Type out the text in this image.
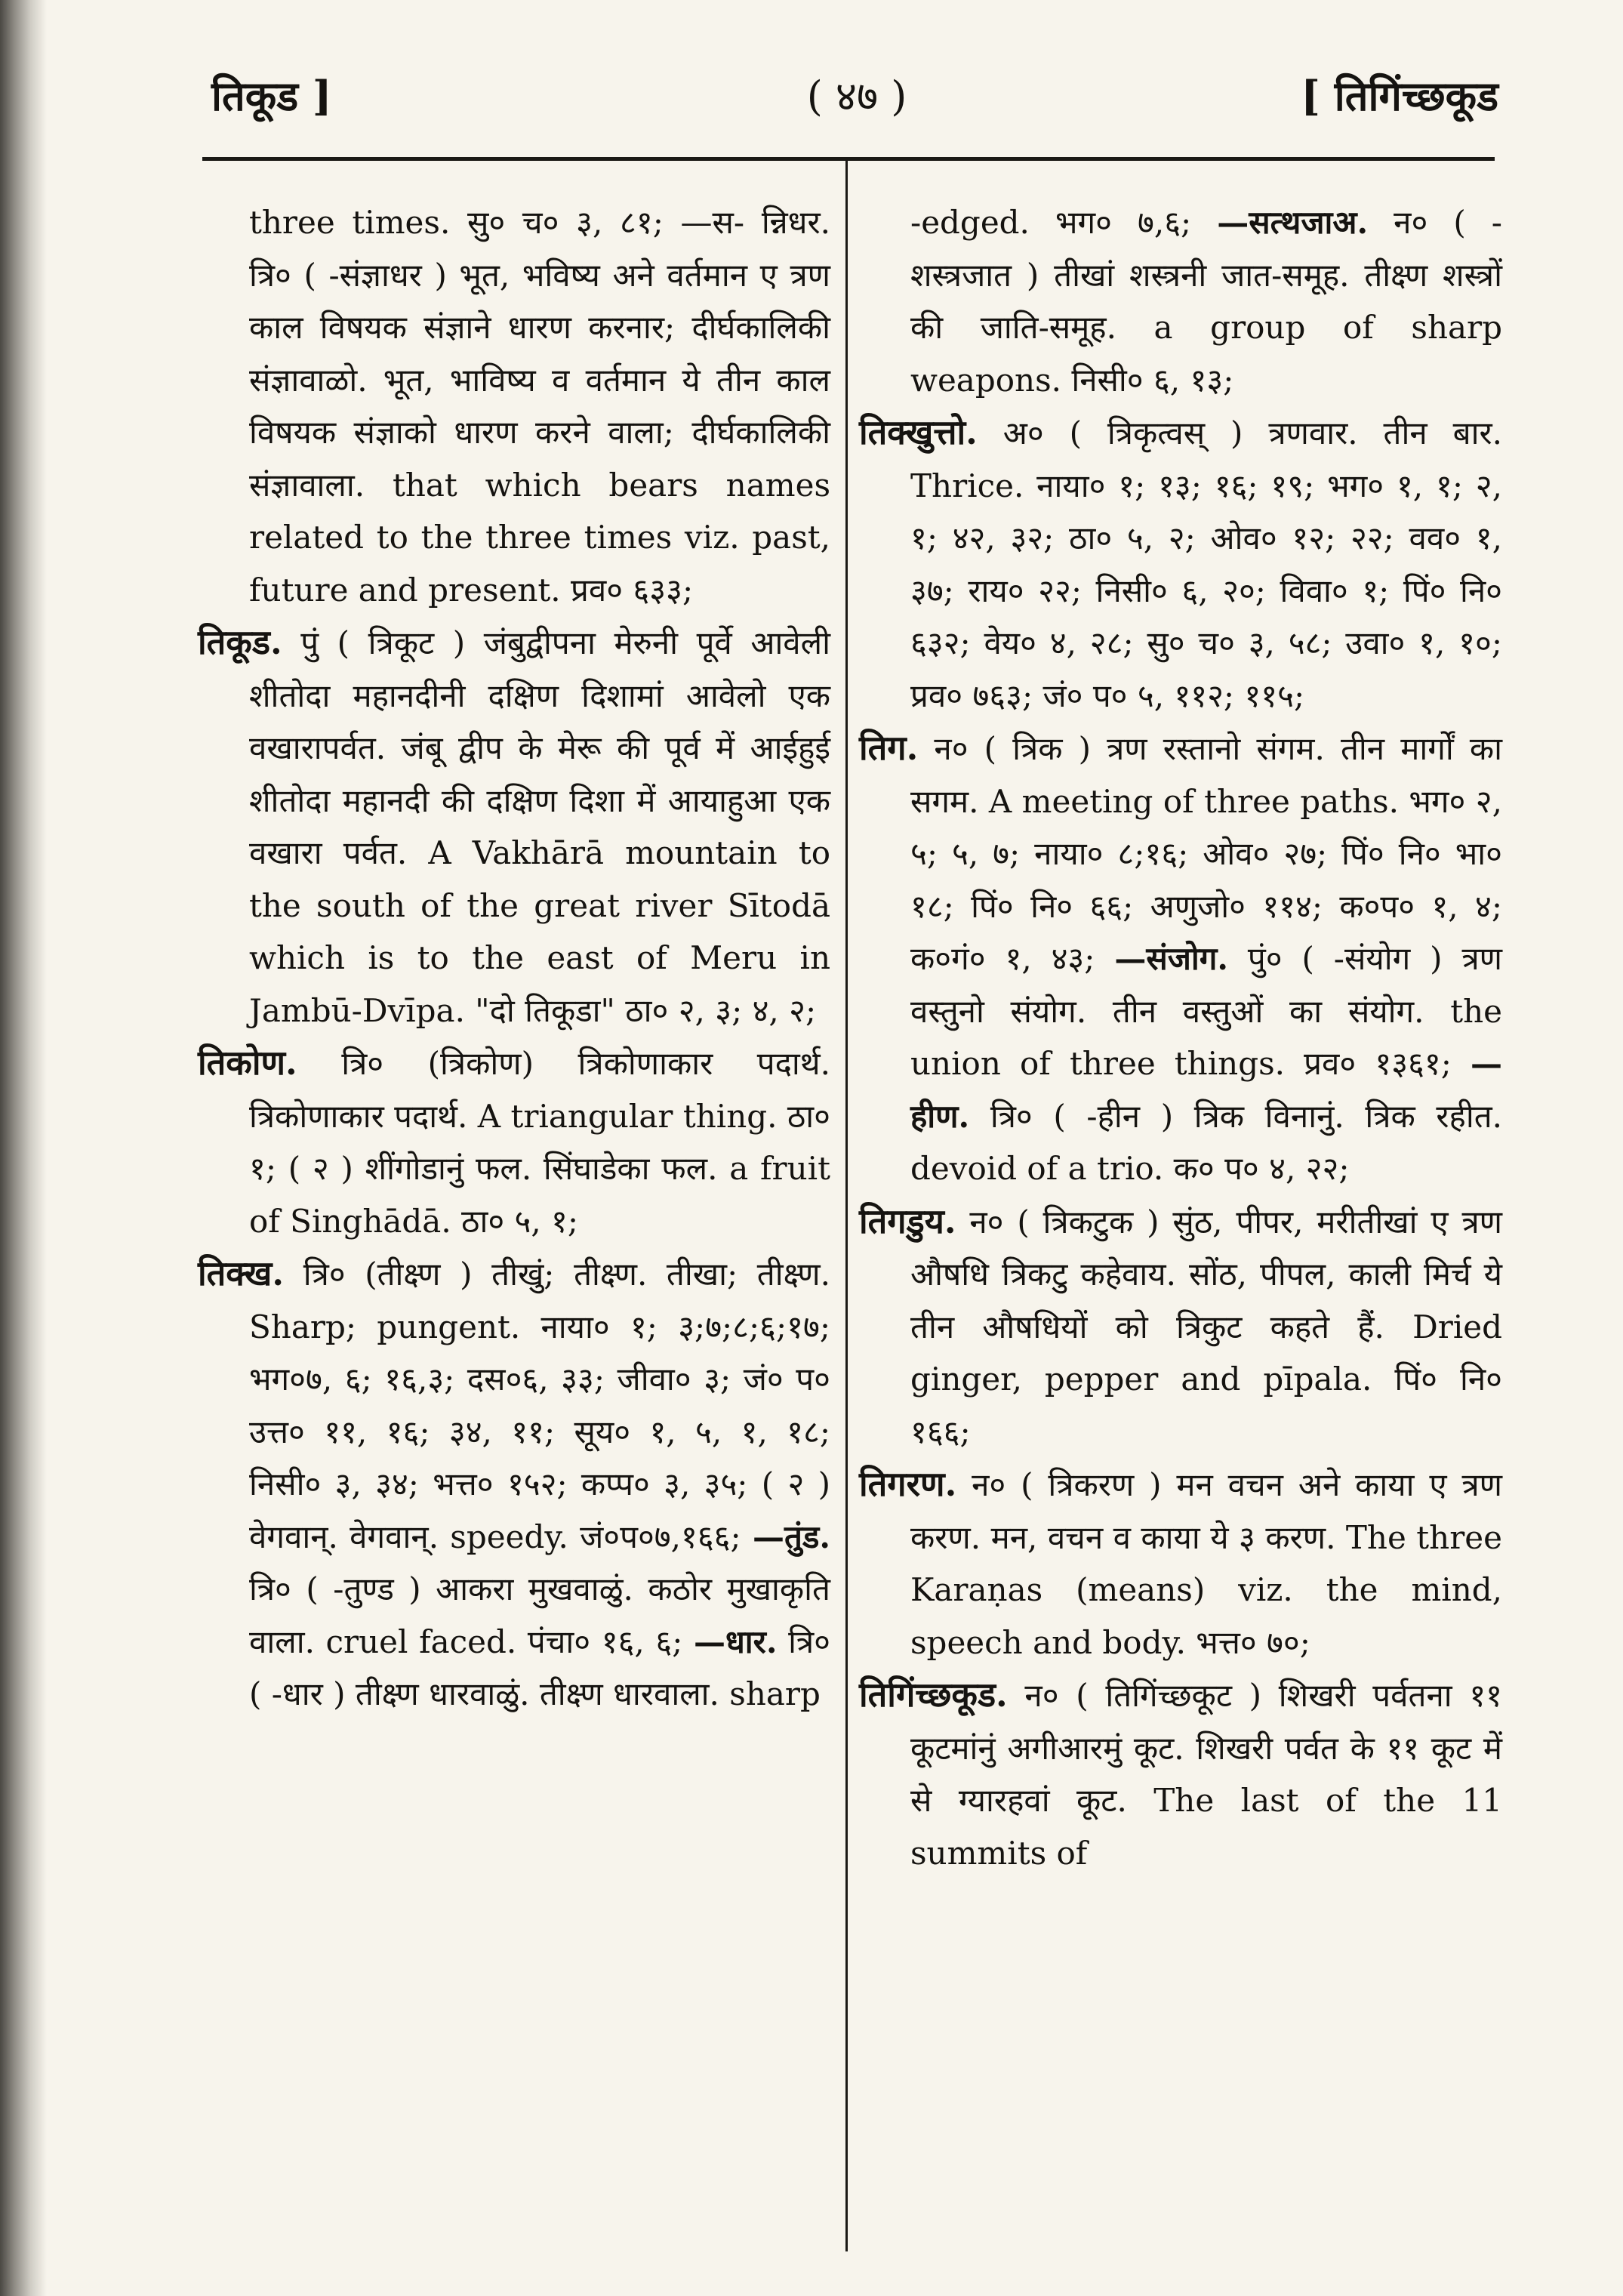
तिकूड ]	( ४७ )	[ तिगिंच्छकूड

three times. सु० च० ३, ८१; —स- न्निधर. त्रि० ( -संज्ञाधर ) भूत, भविष्य अने वर्तमान ए त्रण काल विषयक संज्ञाने धारण करनार; दीर्घकालिकी संज्ञावाळो. भूत, भाविष्य व वर्तमान ये तीन काल विषयक संज्ञाको धारण करने वाला; दीर्घकालिकी संज्ञावाला. that which bears names related to the three times viz. past, future and present. प्रव० ६३३;

तिकूड. पुं ( त्रिकूट ) जंबुद्वीपना मेरुनी पूर्वे आवेली शीतोदा महानदीनी दक्षिण दिशामां आवेलो एक वखारापर्वत. जंबू द्वीप के मेरू की पूर्व में आईहुई शीतोदा महानदी की दक्षिण दिशा में आयाहुआ एक वखारा पर्वत. A Vakhārā mountain to the south of the great river Sītodā which is to the east of Meru in Jambū-Dvīpa. "दो तिकूडा" ठा० २, ३; ४, २;

तिकोण. त्रि० (त्रिकोण) त्रिकोणाकार पदार्थ. त्रिकोणाकार पदार्थ. A triangular thing. ठा० १; ( २ ) शींगोडानुं फल. सिंघाडेका फल. a fruit of Singhādā. ठा० ५, १;

तिक्ख. त्रि० (तीक्ष्ण ) तीखुं; तीक्ष्ण. तीखा; तीक्ष्ण. Sharp; pungent. नाया० १; ३;७;८;६;१७; भग०७, ६; १६,३; दस०६, ३३; जीवा० ३; जं० प० उत्त० ११, १६; ३४, ११; सूय० १, ५, १, १८; निसी० ३, ३४; भत्त० १५२; कप्प० ३, ३५; ( २ ) वेगवान्. वेगवान्. speedy. जं०प०७,१६६; —तुंड. त्रि० ( -तुण्ड ) आकरा मुखवाळुं. कठोर मुखाकृति वाला. cruel faced. पंचा० १६, ६; —धार. त्रि० ( -धार ) तीक्ष्ण धारवाळुं. तीक्ष्ण धारवाला. sharp

-edged. भग० ७,६; —सत्थजाअ. न० ( -शस्त्रजात ) तीखां शस्त्रनी जात-समूह. तीक्ष्ण शस्त्रों की जाति-समूह. a group of sharp weapons. निसी० ६, १३;

तिक्खुत्तो. अ० ( त्रिकृत्वस् ) त्रणवार. तीन बार. Thrice. नाया० १; १३; १६; १९; भग० १, १; २, १; ४२, ३२; ठा० ५, २; ओव० १२; २२; वव० १, ३७; राय० २२; निसी० ६, २०; विवा० १; पिं० नि० ६३२; वेय० ४, २८; सु० च० ३, ५८; उवा० १, १०; प्रव० ७६३; जं० प० ५, ११२; ११५;

तिग. न० ( त्रिक ) त्रण रस्तानो संगम. तीन मार्गों का सगम. A meeting of three paths. भग० २, ५; ५, ७; नाया० ८;१६; ओव० २७; पिं० नि० भा० १८; पिं० नि० ६६; अणुजो० ११४; क०प० १, ४; क०गं० १, ४३; —संजोग. पुं० ( -संयोग ) त्रण वस्तुनो संयोग. तीन वस्तुओं का संयोग. the union of three things. प्रव० १३६१; —हीण. त्रि० ( -हीन ) त्रिक विनानुं. त्रिक रहीत. devoid of a trio. क० प० ४, २२;

तिगडुय. न० ( त्रिकटुक ) सुंठ, पीपर, मरीतीखां ए त्रण औषधि त्रिकटु कहेवाय. सोंठ, पीपल, काली मिर्च ये तीन औषधियों को त्रिकुट कहते हैं. Dried ginger, pepper and pīpala. पिं० नि० १६६;

तिगरण. न० ( त्रिकरण ) मन वचन अने काया ए त्रण करण. मन, वचन व काया ये ३ करण. The three Karaṇas (means) viz. the mind, speech and body. भत्त० ७०;

तिगिंच्छकूड. न० ( तिगिंच्छकूट ) शिखरी पर्वतना ११ कूटमांनुं अगीआरमुं कूट. शिखरी पर्वत के ११ कूट में से ग्यारहवां कूट. The last of the 11 summits of
